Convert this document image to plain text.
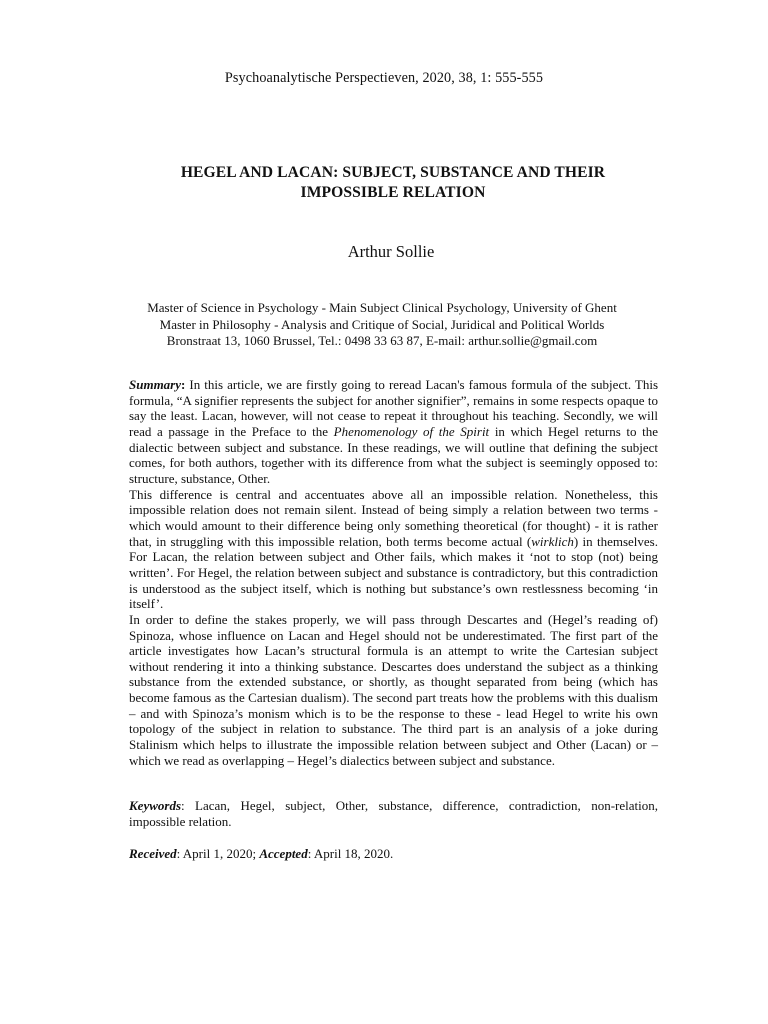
Psychoanalytische Perspectieven, 2020, 38, 1: 555-555
HEGEL AND LACAN: SUBJECT, SUBSTANCE AND THEIR
IMPOSSIBLE RELATION
Arthur Sollie
Master of Science in Psychology - Main Subject Clinical Psychology, University of Ghent
Master in Philosophy - Analysis and Critique of Social, Juridical and Political Worlds
Bronstraat 13, 1060 Brussel, Tel.: 0498 33 63 87, E-mail: arthur.sollie@gmail.com

Summary: In this article, we are firstly going to reread Lacan's famous formula of the subject. This formula, “A signifier represents the subject for another signifier”, remains in some respects opaque to say the least. Lacan, however, will not cease to repeat it throughout his teaching. Secondly, we will read a passage in the Preface to the Phenomenology of the Spirit in which Hegel returns to the dialectic between subject and substance. In these readings, we will outline that defining the subject comes, for both authors, together with its difference from what the subject is seemingly opposed to: structure, substance, Other.

This difference is central and accentuates above all an impossible relation. Nonetheless, this impossible relation does not remain silent. Instead of being simply a relation between two terms - which would amount to their difference being only something theoretical (for thought) - it is rather that, in struggling with this impossible relation, both terms become actual (wirklich) in themselves. For Lacan, the relation between subject and Other fails, which makes it ‘not to stop (not) being written’. For Hegel, the relation between subject and substance is contradictory, but this contradiction is understood as the subject itself, which is nothing but substance’s own restlessness becoming ‘in itself’.

In order to define the stakes properly, we will pass through Descartes and (Hegel’s reading of) Spinoza, whose influence on Lacan and Hegel should not be underestimated. The first part of the article investigates how Lacan’s structural formula is an attempt to write the Cartesian subject without rendering it into a thinking substance. Descartes does understand the subject as a thinking substance from the extended substance, or shortly, as thought separated from being (which has become famous as the Cartesian dualism). The second part treats how the problems with this dualism – and with Spinoza’s monism which is to be the response to these - lead Hegel to write his own topology of the subject in relation to substance. The third part is an analysis of a joke during Stalinism which helps to illustrate the impossible relation between subject and Other (Lacan) or – which we read as overlapping – Hegel’s dialectics between subject and substance.

Keywords: Lacan, Hegel, subject, Other, substance, difference, contradiction, non-relation, impossible relation.
Received: April 1, 2020; Accepted: April 18, 2020.
